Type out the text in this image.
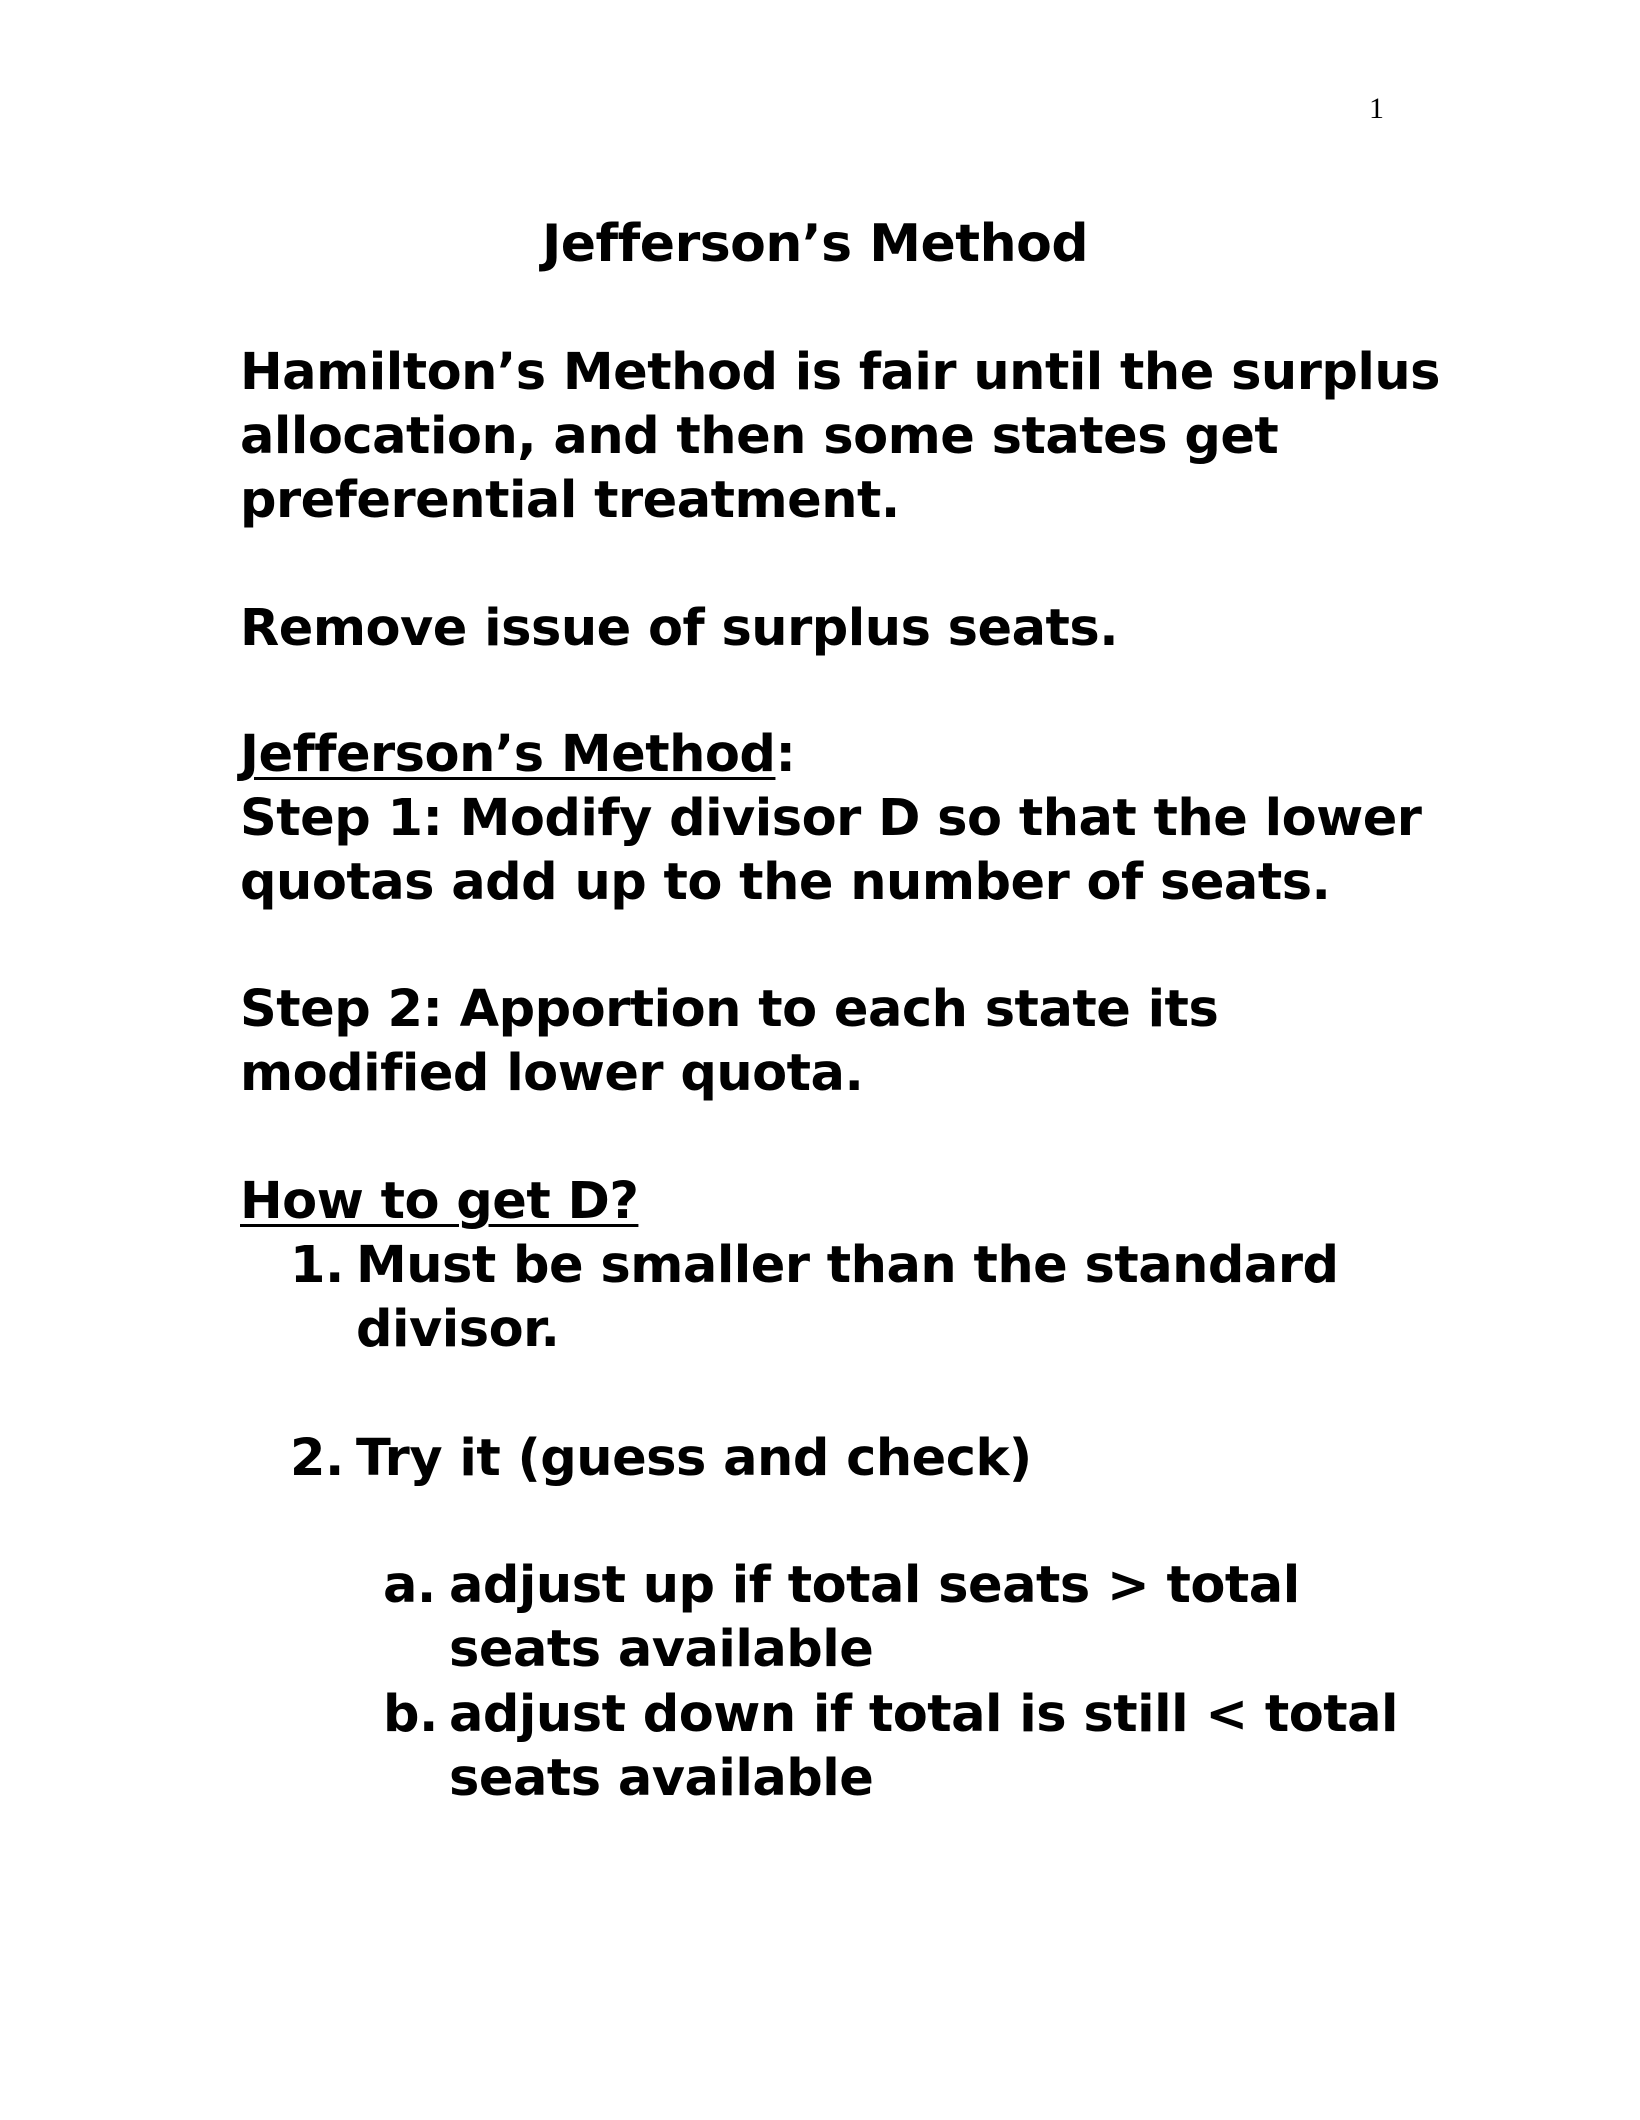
1
Jefferson’s Method
Hamilton’s Method is fair until the surplus
allocation, and then some states get
preferential treatment.
Remove issue of surplus seats.
Jefferson’s Method:
Step 1: Modify divisor D so that the lower
quotas add up to the number of seats.
Step 2: Apportion to each state its
modified lower quota.
How to get D?
1. Must be smaller than the standard
divisor.
2. Try it (guess and check)
a. adjust up if total seats > total
seats available
b. adjust down if total is still < total
seats available
